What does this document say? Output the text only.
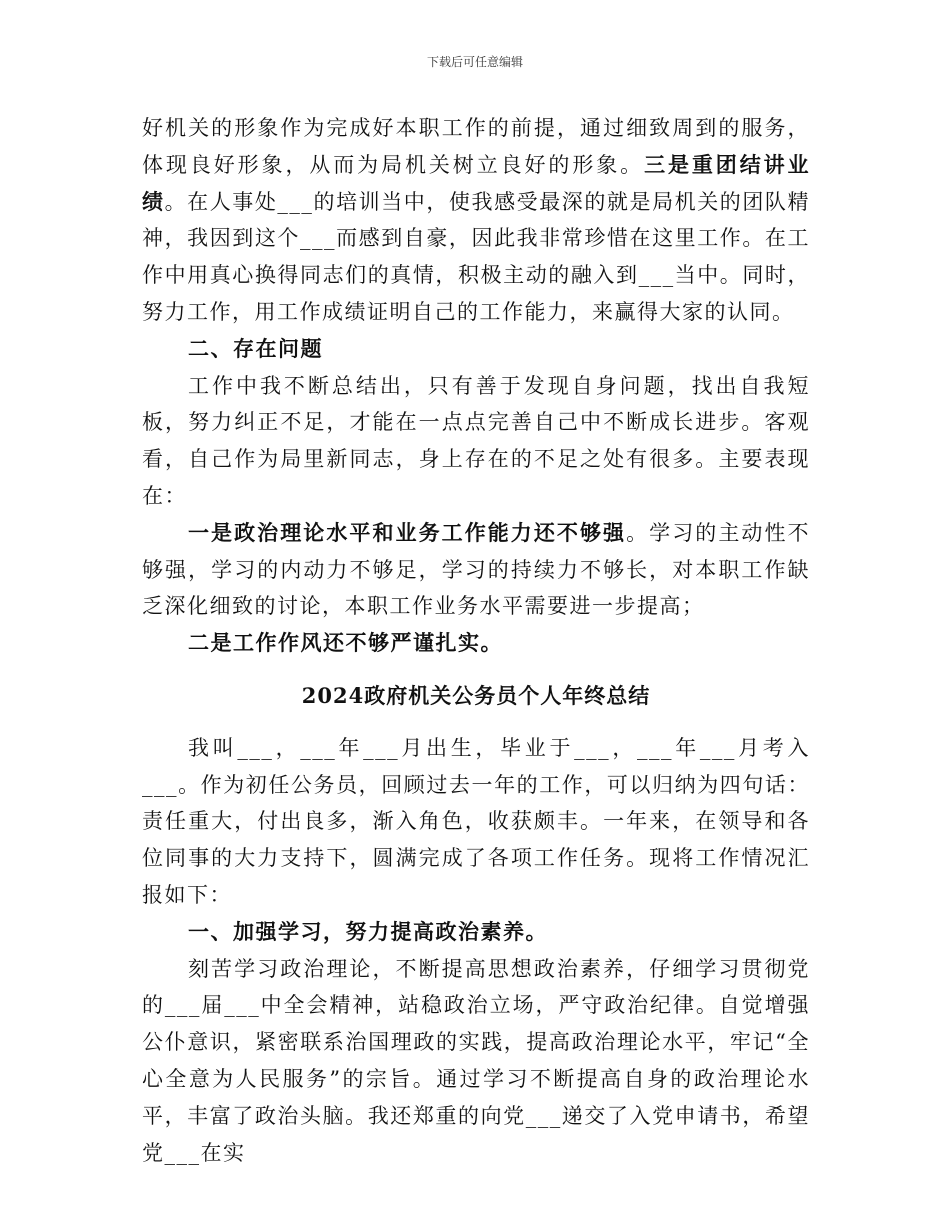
下载后可任意编辑

好机关的形象作为完成好本职工作的前提，通过细致周到的服务，体现良好形象，从而为局机关树立良好的形象。三是重团结讲业绩。在人事处___的培训当中，使我感受最深的就是局机关的团队精神，我因到这个___而感到自豪，因此我非常珍惜在这里工作。在工作中用真心换得同志们的真情，积极主动的融入到___当中。同时，努力工作，用工作成绩证明自己的工作能力，来赢得大家的认同。

二、存在问题

工作中我不断总结出，只有善于发现自身问题，找出自我短板，努力纠正不足，才能在一点点完善自己中不断成长进步。客观看，自己作为局里新同志，身上存在的不足之处有很多。主要表现在：

一是政治理论水平和业务工作能力还不够强。学习的主动性不够强，学习的内动力不够足，学习的持续力不够长，对本职工作缺乏深化细致的讨论，本职工作业务水平需要进一步提高；

二是工作作风还不够严谨扎实。

2024政府机关公务员个人年终总结

我叫___，___年___月出生，毕业于___，___年___月考入___。作为初任公务员，回顾过去一年的工作，可以归纳为四句话：责任重大，付出良多，渐入角色，收获颇丰。一年来，在领导和各位同事的大力支持下，圆满完成了各项工作任务。现将工作情况汇报如下：

一、加强学习，努力提高政治素养。

刻苦学习政治理论，不断提高思想政治素养，仔细学习贯彻党的___届___中全会精神，站稳政治立场，严守政治纪律。自觉增强公仆意识，紧密联系治国理政的实践，提高政治理论水平，牢记“全心全意为人民服务”的宗旨。通过学习不断提高自身的政治理论水平，丰富了政治头脑。我还郑重的向党___递交了入党申请书，希望党___在实
